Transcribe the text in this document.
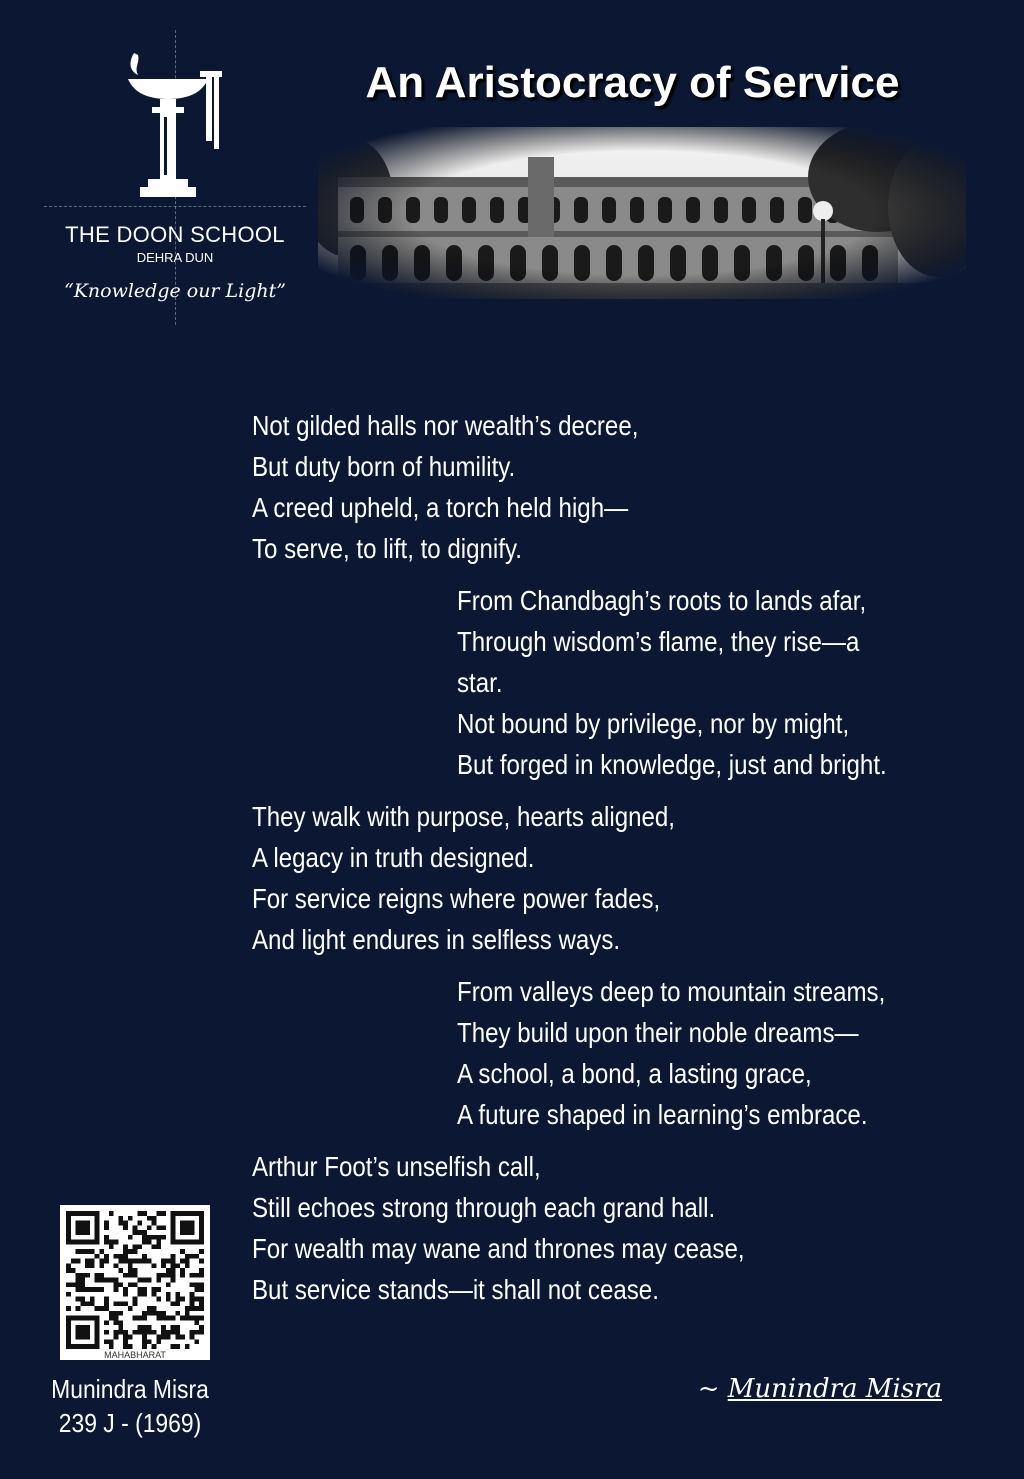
THE DOON SCHOOL
DEHRA DUN
“Knowledge our Light”
An Aristocracy of Service
Not gilded halls nor wealth’s decree,
But duty born of humility.
A creed upheld, a torch held high—
To serve, to lift, to dignify.
From Chandbagh’s roots to lands afar,
Through wisdom’s flame, they rise—a
star.
Not bound by privilege, nor by might,
But forged in knowledge, just and bright.
They walk with purpose, hearts aligned,
A legacy in truth designed.
For service reigns where power fades,
And light endures in selfless ways.
From valleys deep to mountain streams,
They build upon their noble dreams—
A school, a bond, a lasting grace,
A future shaped in learning’s embrace.
Arthur Foot’s unselfish call,
Still echoes strong through each grand hall.
For wealth may wane and thrones may cease,
But service stands—it shall not cease.
MAHABHARAT
Munindra Misra
239 J - (1969)
~ Munindra Misra
